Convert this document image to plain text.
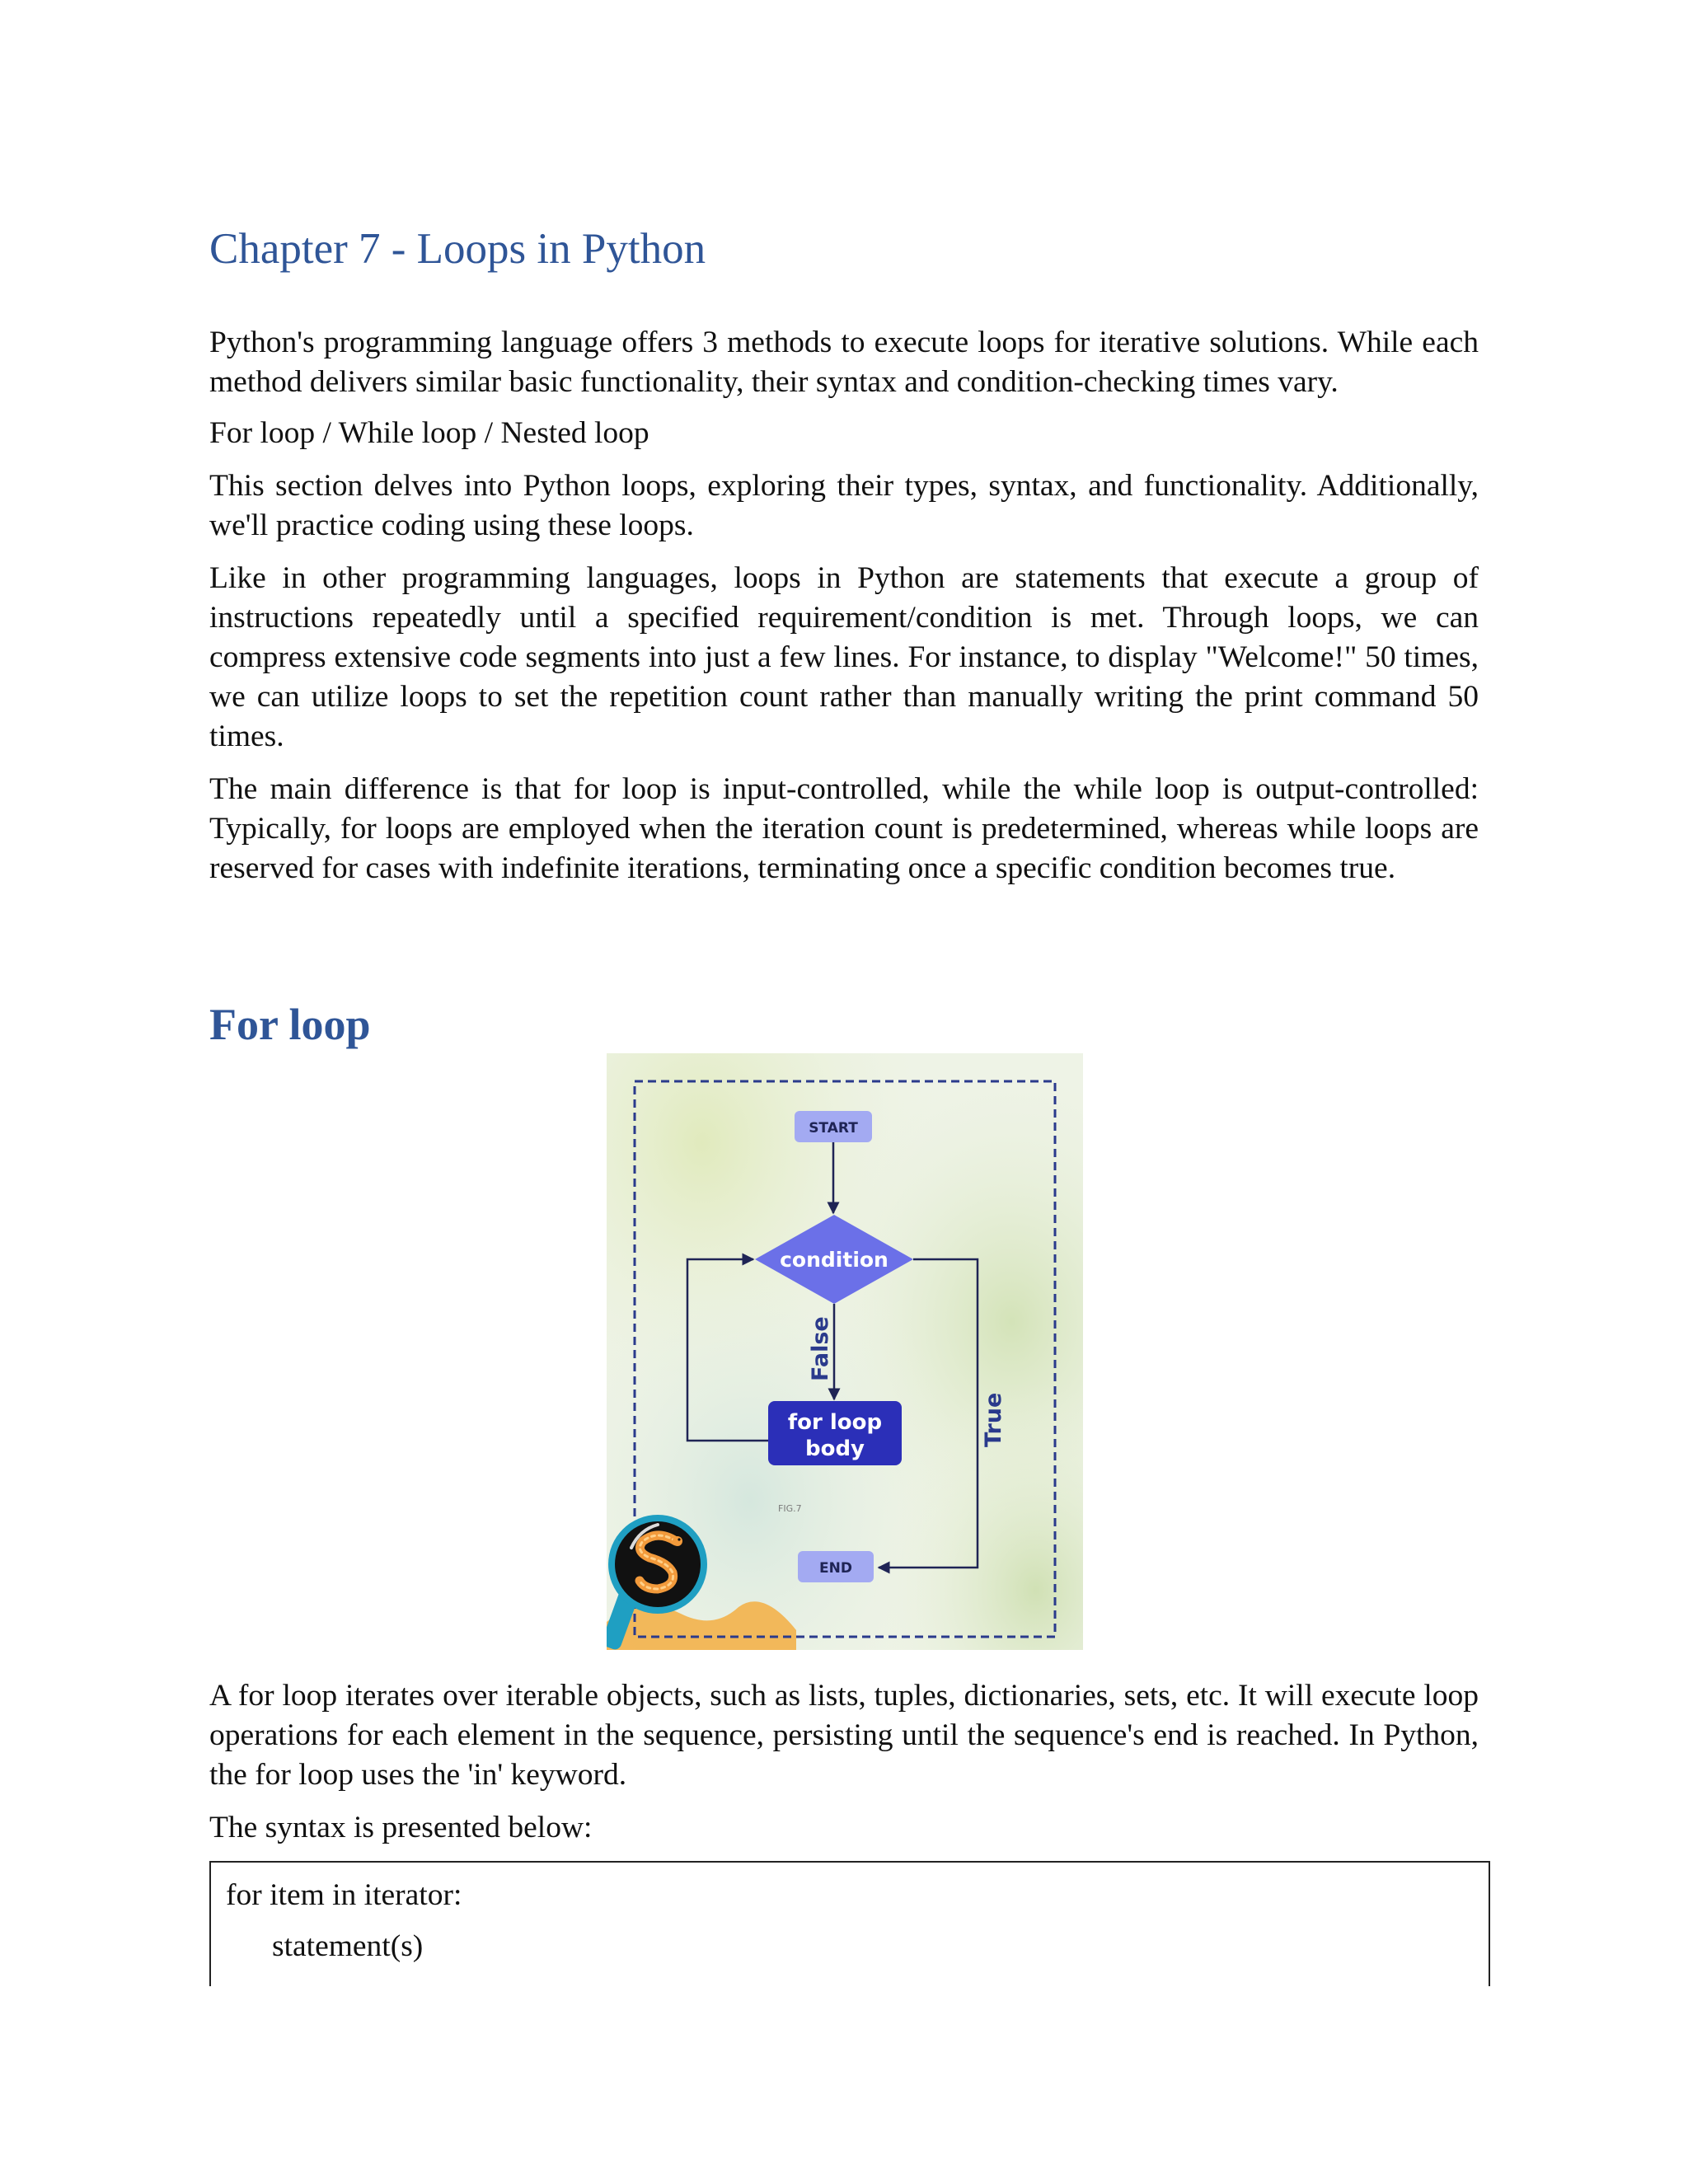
Chapter 7 - Loops in Python

Python's programming language offers 3 methods to execute loops for iterative solutions. While each method delivers similar basic functionality, their syntax and condition-checking times vary.

For loop / While loop / Nested loop

This section delves into Python loops, exploring their types, syntax, and functionality. Additionally, we'll practice coding using these loops.

Like in other programming languages, loops in Python are statements that execute a group of instructions repeatedly until a specified requirement/condition is met. Through loops, we can compress extensive code segments into just a few lines. For instance, to display "Welcome!" 50 times, we can utilize loops to set the repetition count rather than manually writing the print command 50 times.

The main difference is that for loop is input-controlled, while the while loop is output-controlled: Typically, for loops are employed when the iteration count is predetermined, whereas while loops are reserved for cases with indefinite iterations, terminating once a specific condition becomes true.

For loop
START
condition
False
for loop
body
True
FIG.7
END

A for loop iterates over iterable objects, such as lists, tuples, dictionaries, sets, etc. It will execute loop operations for each element in the sequence, persisting until the sequence's end is reached. In Python, the for loop uses the 'in' keyword.

The syntax is presented below:

for item in iterator:

statement(s)
